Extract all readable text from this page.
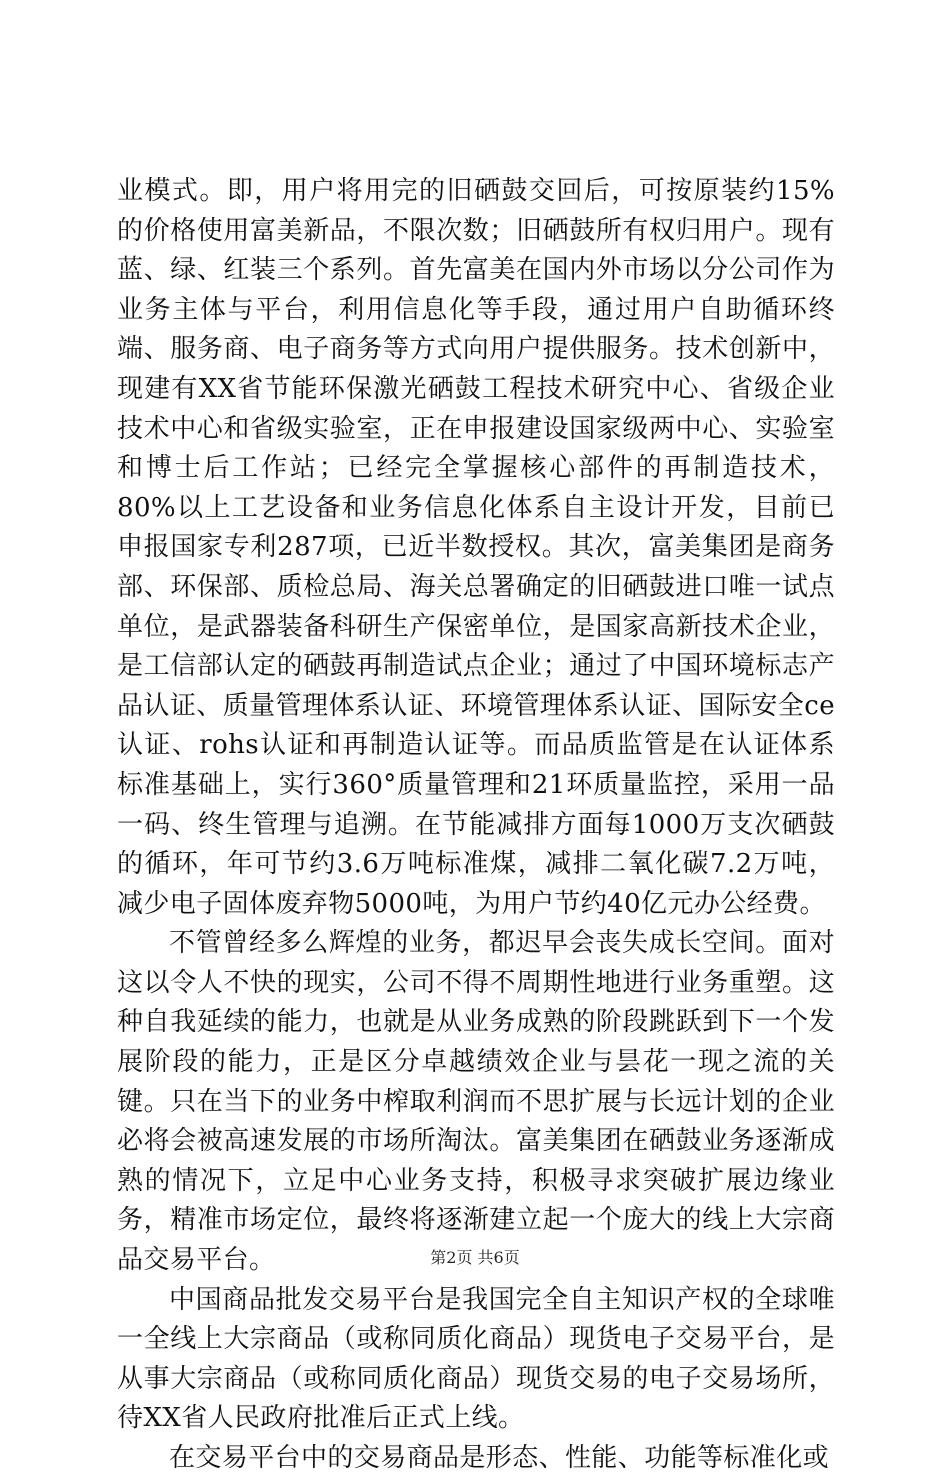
业模式。即，用户将用完的旧硒鼓交回后，可按原装约15%的价格使用富美新品，不限次数；旧硒鼓所有权归用户。现有蓝、绿、红装三个系列。首先富美在国内外市场以分公司作为业务主体与平台，利用信息化等手段，通过用户自助循环终端、服务商、电子商务等方式向用户提供服务。技术创新中，现建有XX省节能环保激光硒鼓工程技术研究中心、省级企业技术中心和省级实验室，正在申报建设国家级两中心、实验室和博士后工作站；已经完全掌握核心部件的再制造技术，80%以上工艺设备和业务信息化体系自主设计开发，目前已申报国家专利287项，已近半数授权。其次，富美集团是商务部、环保部、质检总局、海关总署确定的旧硒鼓进口唯一试点单位，是武器装备科研生产保密单位，是国家高新技术企业，是工信部认定的硒鼓再制造试点企业；通过了中国环境标志产品认证、质量管理体系认证、环境管理体系认证、国际安全ce认证、rohs认证和再制造认证等。而品质监管是在认证体系标准基础上，实行360°质量管理和21环质量监控，采用一品一码、终生管理与追溯。在节能减排方面每1000万支次硒鼓的循环，年可节约3.6万吨标准煤，减排二氧化碳7.2万吨，减少电子固体废弃物5000吨，为用户节约40亿元办公经费。

不管曾经多么辉煌的业务，都迟早会丧失成长空间。面对这以令人不快的现实，公司不得不周期性地进行业务重塑。这种自我延续的能力，也就是从业务成熟的阶段跳跃到下一个发展阶段的能力，正是区分卓越绩效企业与昙花一现之流的关键。只在当下的业务中榨取利润而不思扩展与长远计划的企业必将会被高速发展的市场所淘汰。富美集团在硒鼓业务逐渐成熟的情况下，立足中心业务支持，积极寻求突破扩展边缘业务，精准市场定位，最终将逐渐建立起一个庞大的线上大宗商品交易平台。

中国商品批发交易平台是我国完全自主知识产权的全球唯一全线上大宗商品（或称同质化商品）现货电子交易平台，是从事大宗商品（或称同质化商品）现货交易的电子交易场所，待XX省人民政府批准后正式上线。

在交易平台中的交易商品是形态、性能、功能等标准化或

第2页 共6页
